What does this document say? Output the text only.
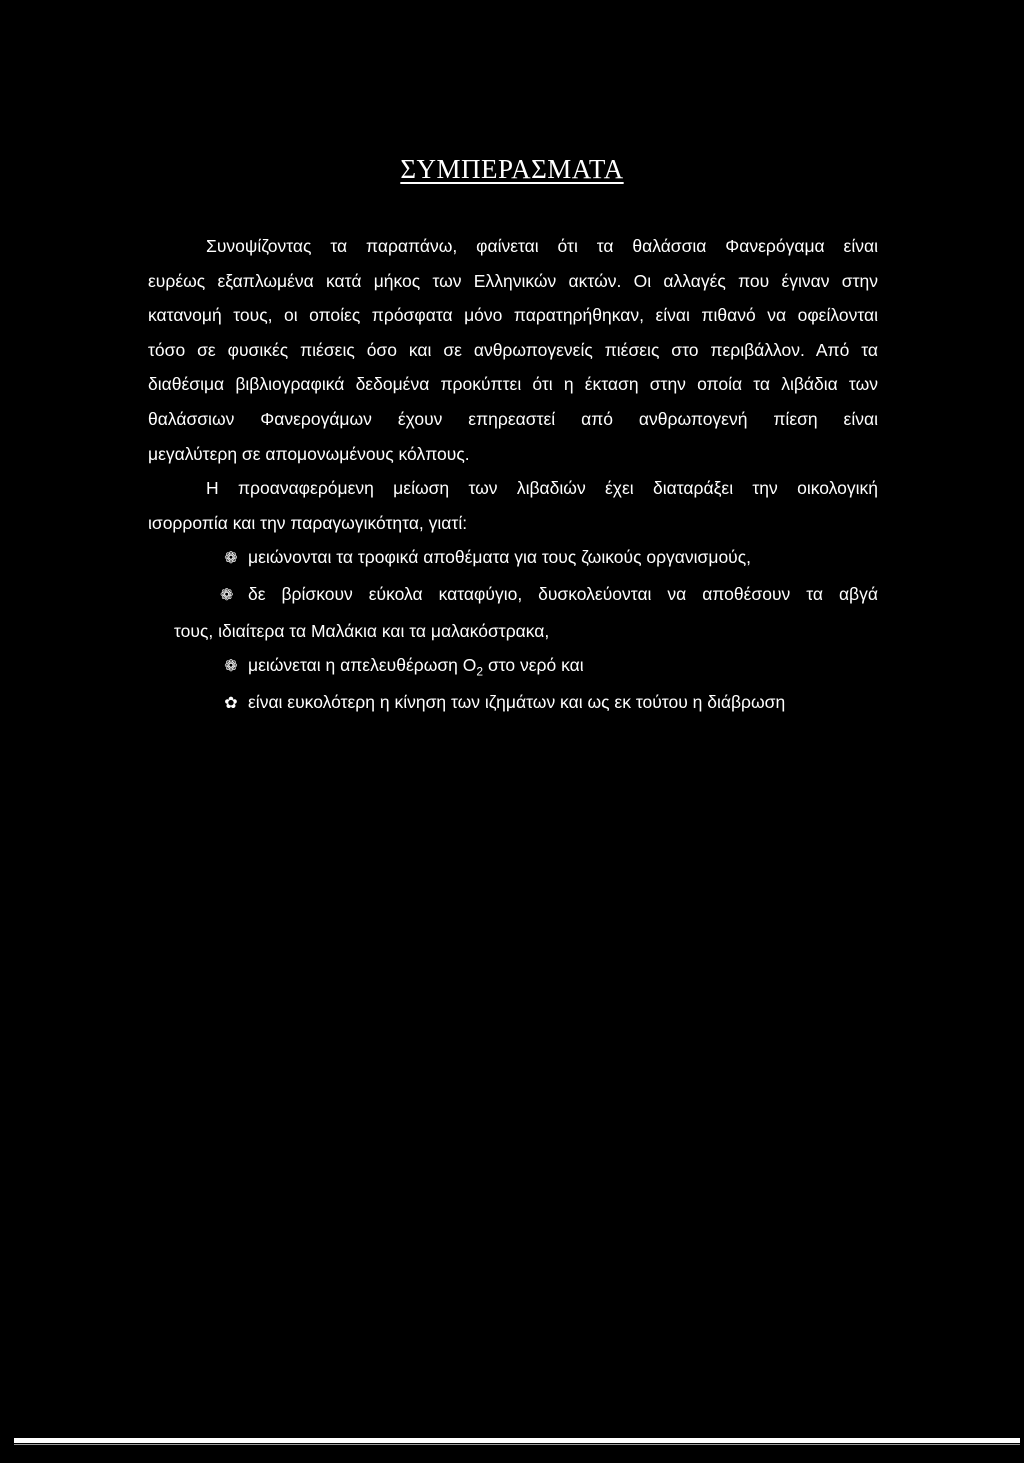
ΣΥΜΠΕΡΑΣΜΑΤΑ
Συνοψίζοντας τα παραπάνω, φαίνεται ότι τα θαλάσσια Φανερόγαμα είναι
ευρέως εξαπλωμένα κατά μήκος των Ελληνικών ακτών. Οι αλλαγές που έγιναν στην
κατανομή τους, οι οποίες πρόσφατα μόνο παρατηρήθηκαν, είναι πιθανό να οφείλονται
τόσο σε φυσικές πιέσεις όσο και σε ανθρωπογενείς πιέσεις στο περιβάλλον. Από τα
διαθέσιμα βιβλιογραφικά δεδομένα προκύπτει ότι η έκταση στην οποία τα λιβάδια των
θαλάσσιων Φανερογάμων έχουν επηρεαστεί από ανθρωπογενή πίεση είναι
μεγαλύτερη σε απομονωμένους κόλπους.
Η προαναφερόμενη μείωση των λιβαδιών έχει διαταράξει την οικολογική
ισορροπία και την παραγωγικότητα, γιατί:
❁ μειώνονται τα τροφικά αποθέματα για τους ζωικούς οργανισμούς,
❁ δε βρίσκουν εύκολα καταφύγιο, δυσκολεύονται να αποθέσουν τα αβγά
τους, ιδιαίτερα τα Μαλάκια και τα μαλακόστρακα,
❁ μειώνεται η απελευθέρωση $O_2$ στο νερό και
✿ είναι ευκολότερη η κίνηση των ιζημάτων και ως εκ τούτου η διάβρωση
